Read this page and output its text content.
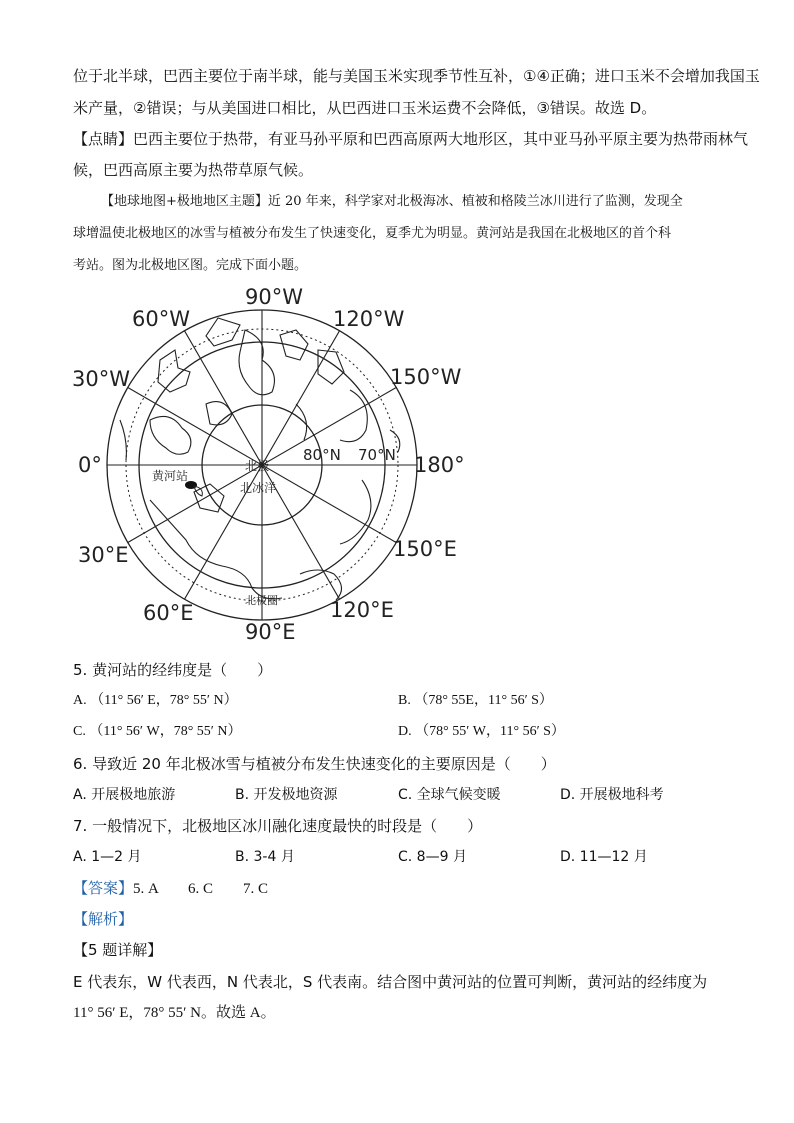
位于北半球，巴西主要位于南半球，能与美国玉米实现季节性互补，①④正确；进口玉米不会增加我国玉
米产量，②错误；与从美国进口相比，从巴西进口玉米运费不会降低，③错误。故选 D。
【点睛】巴西主要位于热带，有亚马孙平原和巴西高原两大地形区，其中亚马孙平原主要为热带雨林气
候，巴西高原主要为热带草原气候。
【地球地图+极地地区主题】近 20 年来，科学家对北极海冰、植被和格陵兰冰川进行了监测，发现全
球增温使北极地区的冰雪与植被分布发生了快速变化，夏季尤为明显。黄河站是我国在北极地区的首个科
考站。图为北极地区图。完成下面小题。
90°W
120°W
60°W
150°W
30°W
0°	180°
30°E	150°E
60°E	120°E
90°E
80°N 70°N
黄河站
北极
北冰洋
北极圈
5. 黄河站的经纬度是（　　）
A. （11° 56′ E，78° 55′ N）	B. （78° 55E，11° 56′ S）
C. （11° 56′ W，78° 55′ N）	D. （78° 55′ W，11° 56′ S）
6. 导致近 20 年北极冰雪与植被分布发生快速变化的主要原因是（　　）
A. 开展极地旅游	B. 开发极地资源	C. 全球气候变暖	D. 开展极地科考
7. 一般情况下，北极地区冰川融化速度最快的时段是（　　）
A. 1—2 月	B. 3-4 月	C. 8—9 月	D. 11—12 月
【答案】5. A　　6. C　　7. C
【解析】
【5 题详解】
E 代表东，W 代表西，N 代表北，S 代表南。结合图中黄河站的位置可判断，黄河站的经纬度为
11° 56′ E，78° 55′ N。故选 A。
